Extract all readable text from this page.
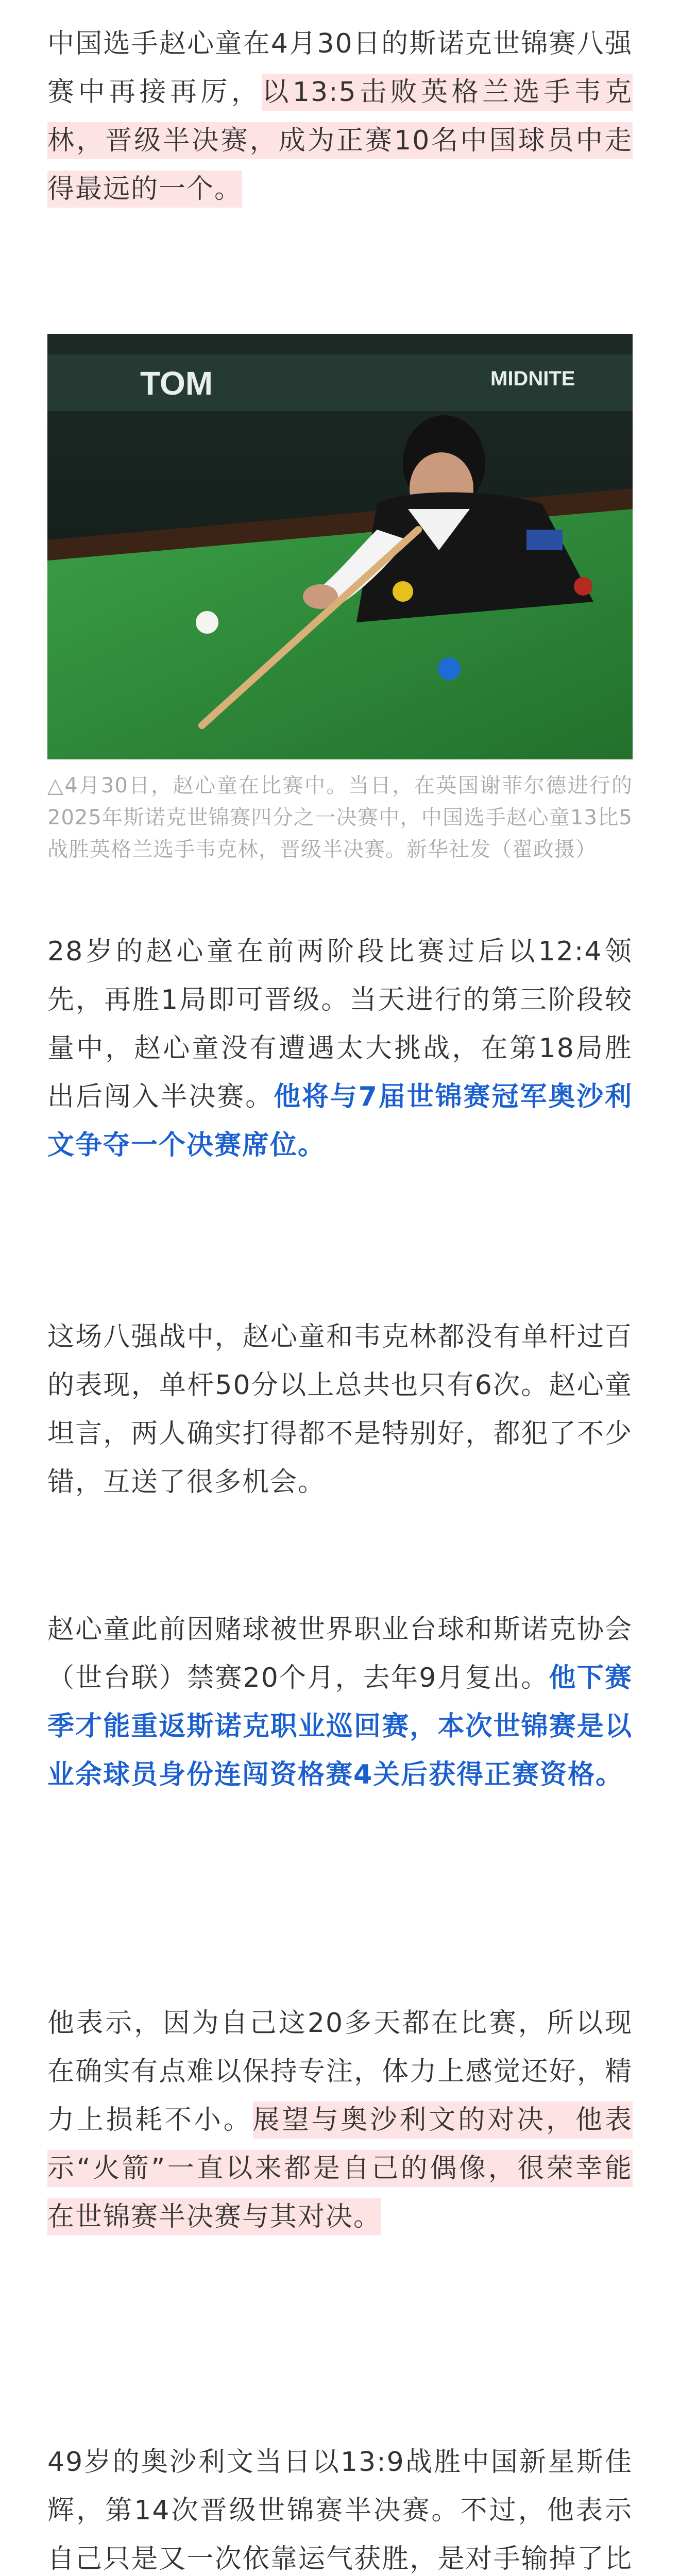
中国选手赵心童在4月30日的斯诺克世锦赛八强赛中再接再厉，以13:5击败英格兰选手韦克林，晋级半决赛，成为正赛10名中国球员中走得最远的一个。

TOM	MIDNITE

△4月30日，赵心童在比赛中。当日，在英国谢菲尔德进行的2025年斯诺克世锦赛四分之一决赛中，中国选手赵心童13比5战胜英格兰选手韦克林，晋级半决赛。新华社发（翟政摄）

28岁的赵心童在前两阶段比赛过后以12:4领先，再胜1局即可晋级。当天进行的第三阶段较量中，赵心童没有遭遇太大挑战，在第18局胜出后闯入半决赛。他将与7届世锦赛冠军奥沙利文争夺一个决赛席位。

这场八强战中，赵心童和韦克林都没有单杆过百的表现，单杆50分以上总共也只有6次。赵心童坦言，两人确实打得都不是特别好，都犯了不少错，互送了很多机会。

赵心童此前因赌球被世界职业台球和斯诺克协会（世台联）禁赛20个月，去年9月复出。他下赛季才能重返斯诺克职业巡回赛，本次世锦赛是以业余球员身份连闯资格赛4关后获得正赛资格。

他表示，因为自己这20多天都在比赛，所以现在确实有点难以保持专注，体力上感觉还好，精力上损耗不小。展望与奥沙利文的对决，他表示“火箭”一直以来都是自己的偶像，很荣幸能在世锦赛半决赛与其对决。

49岁的奥沙利文当日以13:9战胜中国新星斯佳辉，第14次晋级世锦赛半决赛。不过，他表示自己只是又一次依靠运气获胜，是对手输掉了比
